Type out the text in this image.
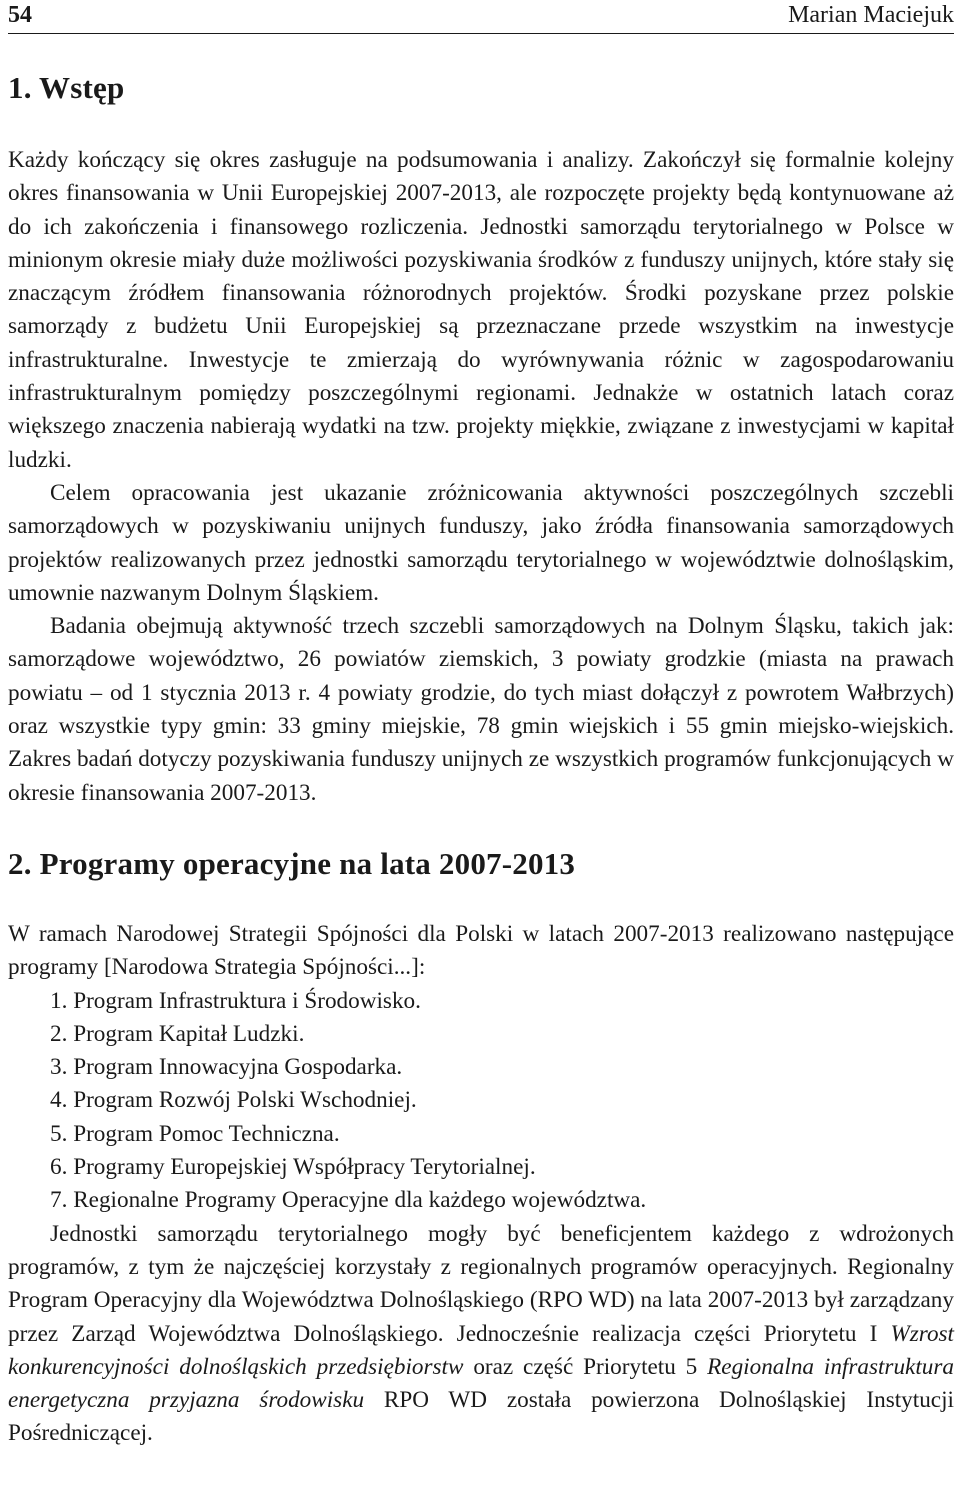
54	Marian Maciejuk
1. Wstęp

Każdy kończący się okres zasługuje na podsumowania i analizy. Zakończył się formalnie kolejny okres finansowania w Unii Europejskiej 2007-2013, ale rozpoczęte projekty będą kontynuowane aż do ich zakończenia i finansowego rozliczenia. Jednostki samorządu terytorialnego w Polsce w minionym okresie miały duże możliwości pozyskiwania środków z funduszy unijnych, które stały się znaczącym źródłem finansowania różnorodnych projektów. Środki pozyskane przez polskie samorządy z budżetu Unii Europejskiej są przeznaczane przede wszystkim na inwestycje infrastrukturalne. Inwestycje te zmierzają do wyrównywania różnic w zagospodarowaniu infrastrukturalnym pomiędzy poszczególnymi regionami. Jednakże w ostatnich latach coraz większego znaczenia nabierają wydatki na tzw. projekty miękkie, związane z inwestycjami w kapitał ludzki.

Celem opracowania jest ukazanie zróżnicowania aktywności poszczególnych szczebli samorządowych w pozyskiwaniu unijnych funduszy, jako źródła finansowania samorządowych projektów realizowanych przez jednostki samorządu terytorialnego w województwie dolnośląskim, umownie nazwanym Dolnym Śląskiem.

Badania obejmują aktywność trzech szczebli samorządowych na Dolnym Śląsku, takich jak: samorządowe województwo, 26 powiatów ziemskich, 3 powiaty grodzkie (miasta na prawach powiatu – od 1 stycznia 2013 r. 4 powiaty grodzie, do tych miast dołączył z powrotem Wałbrzych) oraz wszystkie typy gmin: 33 gminy miejskie, 78 gmin wiejskich i 55 gmin miejsko-wiejskich. Zakres badań dotyczy pozyskiwania funduszy unijnych ze wszystkich programów funkcjonujących w okresie finansowania 2007-2013.

2. Programy operacyjne na lata 2007-2013

W ramach Narodowej Strategii Spójności dla Polski w latach 2007-2013 realizowano następujące programy [Narodowa Strategia Spójności...]:

1. Program Infrastruktura i Środowisko.
2. Program Kapitał Ludzki.
3. Program Innowacyjna Gospodarka.
4. Program Rozwój Polski Wschodniej.
5. Program Pomoc Techniczna.
6. Programy Europejskiej Współpracy Terytorialnej.
7. Regionalne Programy Operacyjne dla każdego województwa.

Jednostki samorządu terytorialnego mogły być beneficjentem każdego z wdrożonych programów, z tym że najczęściej korzystały z regionalnych programów operacyjnych. Regionalny Program Operacyjny dla Województwa Dolnośląskiego (RPO WD) na lata 2007-2013 był zarządzany przez Zarząd Województwa Dolnośląskiego. Jednocześnie realizacja części Priorytetu I Wzrost konkurencyjności dolnośląskich przedsiębiorstw oraz część Priorytetu 5 Regionalna infrastruktura energetyczna przyjazna środowisku RPO WD została powierzona Dolnośląskiej Instytucji Pośredniczącej.
